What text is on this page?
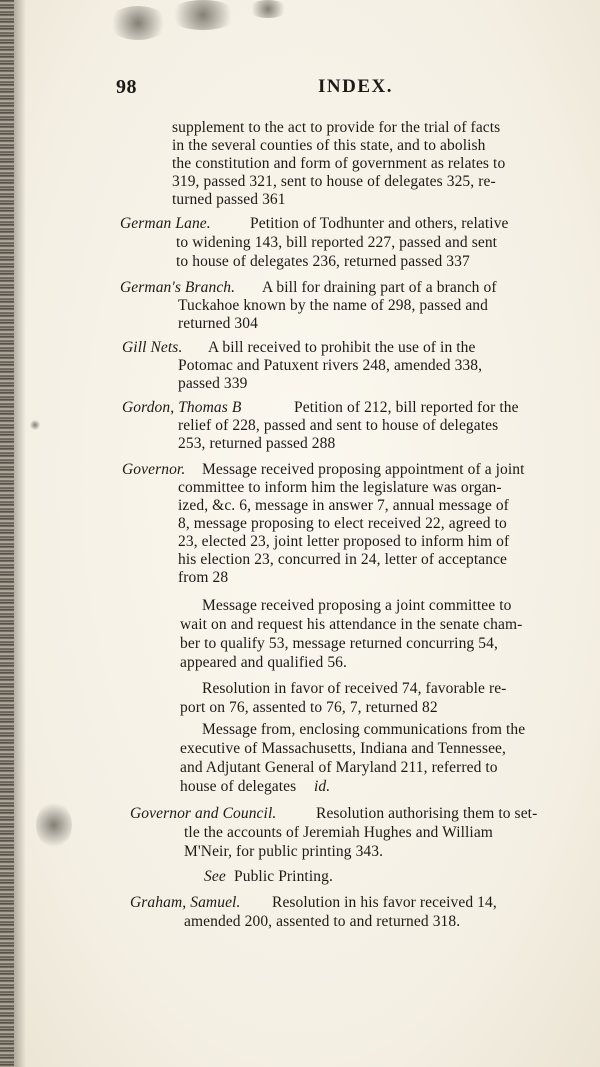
98	INDEX.
supplement to the act to provide for the trial of facts
in the several counties of this state, and to abolish
the constitution and form of government as relates to
319, passed 321, sent to house of delegates 325, re-
turned passed 361
German Lane.	Petition of Todhunter and others, relative
to widening 143, bill reported 227, passed and sent
to house of delegates 236, returned passed 337
German's Branch. A bill for draining part of a branch of
Tuckahoe known by the name of 298, passed and
returned 304
Gill Nets. A bill received to prohibit the use of in the
Potomac and Patuxent rivers 248, amended 338,
passed 339
Gordon, Thomas B	Petition of 212, bill reported for the
relief of 228, passed and sent to house of delegates
253, returned passed 288
Governor. Message received proposing appointment of a joint
committee to inform him the legislature was organ-
ized, &c. 6, message in answer 7, annual message of
8, message proposing to elect received 22, agreed to
23, elected 23, joint letter proposed to inform him of
his election 23, concurred in 24, letter of acceptance
from 28
Message received proposing a joint committee to
wait on and request his attendance in the senate cham-
ber to qualify 53, message returned concurring 54,
appeared and qualified 56.
Resolution in favor of received 74, favorable re-
port on 76, assented to 76, 7, returned 82
Message from, enclosing communications from the
executive of Massachusetts, Indiana and Tennessee,
and Adjutant General of Maryland 211, referred to
house of delegates id.
Governor and Council.	Resolution authorising them to set-
tle the accounts of Jeremiah Hughes and William
M'Neir, for public printing 343.
See Public Printing.
Graham, Samuel. Resolution in his favor received 14,
amended 200, assented to and returned 318.
